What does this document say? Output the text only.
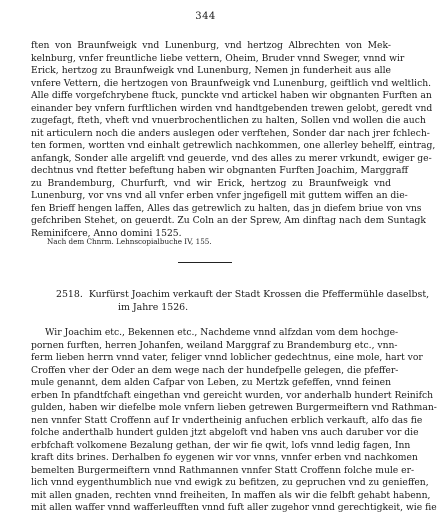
344
ften von Braunfweigk vnd Lunenburg, vnd hertzog Albrechten von Mek-
kelnburg, vnfer freuntliche liebe vettern, Oheim, Bruder vnnd Sweger, vnnd wir
Erick, hertzog zu Braunfweigk vnd Lunenburg, Nemen jn funderheit aus alle
vnfere Vettern, die hertzogen von Braunfweigk vnd Lunenburg, geiftlich vnd weltlich.
Alle diffe vorgefchrybene ftuck, punckte vnd artickel haben wir obgnanten Furften an
einander bey vnfern furftlichen wirden vnd handtgebenden trewen gelobt, geredt vnd
zugefagt, fteth, vheft vnd vnuerbrochentlichen zu halten, Sollen vnd wollen die auch
nit articulern noch die anders auslegen oder verftehen, Sonder dar nach jrer fchlech-
ten formen, wortten vnd einhalt getrewlich nachkommen, one allerley behelff, eintrag,
anfangk, Sonder alle argelift vnd geuerde, vnd des alles zu merer vrkundt, ewiger ge-
dechtnus vnd ftetter befeftung haben wir obgnanten Furften Joachim, Marggraff
zu Brandemburg, Churfurft, vnd wir Erick, hertzog zu Braunfweigk vnd
Lunenburg, vor vns vnd all vnfer erben vnfer jngefigell mit guttem wiffen an die-
fen Brieff hengen laffen, Alles das getrewlich zu halten, das jn diefem briue von vns
gefchriben Stehet, on geuerdt. Zu Coln an der Sprew, Am dinftag nach dem Suntagk
Reminifcere, Anno domini 1525.
Nach dem Chnrm. Lehnscopialbuche IV, 155.
2518. Kurfürst Joachim verkauft der Stadt Krossen die Pfeffermühle daselbst,
im Jahre 1526.
Wir Joachim etc., Bekennen etc., Nachdeme vnnd alfzdan vom dem hochge-
pornen furften, herren Johanfen, weiland Marggraf zu Brandemburg etc., vnn-
ferm lieben herrn vnnd vater, feliger vnnd loblicher gedechtnus, eine mole, hart vor
Croffen vher der Oder an dem wege nach der hundefpelle gelegen, die pfeffer-
mule genannt, dem alden Cafpar von Leben, zu Mertzk gefeffen, vnnd feinen
erben In pfandtfchaft eingethan vnd gereicht wurden, vor anderhalb hundert Reinifch
gulden, haben wir diefelbe mole vnfern lieben getrewen Burgermeiftern vnd Rathman-
nen vnnfer Statt Croffenn auf Ir vndertheinig anfuchen erblich verkauft, alfo das fie
folche anderthalb hundert gulden jtzt abgeloft vnd haben vns auch daruber vor die
erbfchaft volkomene Bezalung gethan, der wir fie qwit, lofs vnnd ledig fagen, Inn
kraft dits brines. Derhalben fo eygenen wir vor vnns, vnnfer erben vnd nachkomen
bemelten Burgermeiftern vnnd Rathmannen vnnfer Statt Croffenn folche mule er-
lich vnnd eygenthumblich nue vnd ewigk zu befitzen, zu gepruchen vnd zu genieffen,
mit allen gnaden, rechten vnnd freiheiten, In maffen als wir die felbft gehabt habenn,
mit allen waffer vnnd wafferleufften vnnd fuft aller zugehor vnnd gerechtigkeit, wie fie
